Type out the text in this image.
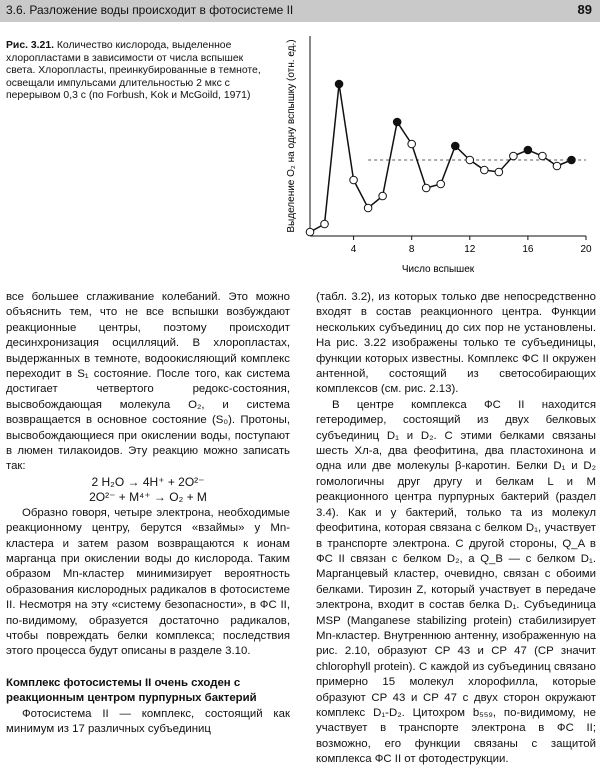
3.6. Разложение воды происходит в фотосистеме II	89
Рис. 3.21. Количество кислорода, выделенное хлоропластами в зависимости от числа вспышек света. Хлоропласты, преинкубированные в темноте, освещали импульсами длительностью 2 мкс с перерывом 0,3 с (по Forbush, Kok и McGoild, 1971)
4	8	12	16	20
Выделение O₂ на одну вспышку (отн. ед.)
Число вспышек

все большее сглаживание колебаний. Это можно объяснить тем, что не все вспышки возбуждают реакционные центры, поэтому происходит десинхронизация осцилляций. В хлоропластах, выдержанных в темноте, водоокисляющий комплекс переходит в S₁ состояние. После того, как система достигает четвертого редокс-состояния, высвобождающая молекула O₂, и система возвращается в основное состояние (S₀). Протоны, высвобождающиеся при окислении воды, поступают в люмен тилакоидов. Эту реакцию можно записать так:

2 H₂O → 4H⁺ + 2O²⁻

2O²⁻ + M⁴⁺ → O₂ + M

Образно говоря, четыре электрона, необходимые реакционному центру, берутся «взаймы» у Mn-кластера и затем разом возвращаются к ионам марганца при окислении воды до кислорода. Таким образом Mn-кластер минимизирует вероятность образования кислородных радикалов в фотосистеме II. Несмотря на эту «систему безопасности», в ФС II, по-видимому, образуется достаточно радикалов, чтобы повреждать белки комплекса; последствия этого процесса будут описаны в разделе 3.10.

Комплекс фотосистемы II очень сходен с реакционным центром пурпурных бактерий

Фотосистема II — комплекс, состоящий как минимум из 17 различных субъединиц

(табл. 3.2), из которых только две непосредственно входят в состав реакционного центра. Функции нескольких субъединиц до сих пор не установлены. На рис. 3.22 изображены только те субъединицы, функции которых известны. Комплекс ФС II окружен антенной, состоящий из светособирающих комплексов (см. рис. 2.13).

В центре комплекса ФС II находится гетеродимер, состоящий из двух белковых субъединиц D₁ и D₂. С этими белками связаны шесть Хл-a, два феофитина, два пластохинона и одна или две молекулы β-каротин. Белки D₁ и D₂ гомологичны друг другу и белкам L и M реакционного центра пурпурных бактерий (раздел 3.4). Как и у бактерий, только та из молекул феофитина, которая связана с белком D₁, участвует в транспорте электрона. С другой стороны, Q_A в ФС II связан с белком D₂, а Q_B — с белком D₁. Марганцевый кластер, очевидно, связан с обоими белками. Тирозин Z, который участвует в передаче электрона, входит в состав белка D₁. Субъединица MSP (Manganese stabilizing protein) стабилизирует Mn-кластер. Внутреннюю антенну, изображенную на рис. 2.10, образуют CP 43 и CP 47 (CP значит chlorophyll protein). С каждой из субъединиц связано примерно 15 молекул хлорофилла, которые образуют CP 43 и CP 47 с двух сторон окружают комплекс D₁-D₂. Цитохром b₅₅₉, по-видимому, не участвует в транспорте электрона в ФС II; возможно, его функции связаны с защитой комплекса ФС II от фотодеструкции.
